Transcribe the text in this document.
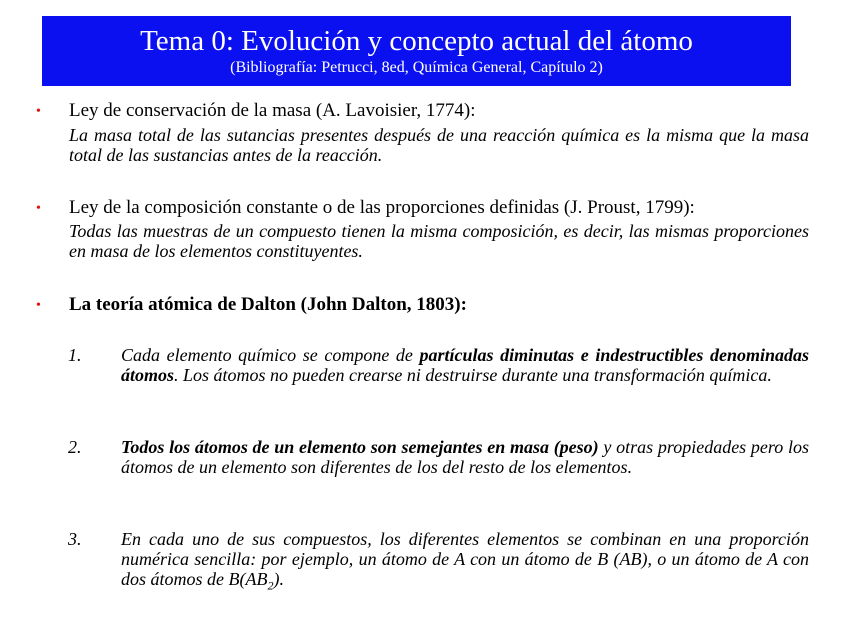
Tema 0: Evolución y concepto actual del átomo
(Bibliografía: Petrucci, 8ed, Química General, Capítulo 2)
• Ley de conservación de la masa (A. Lavoisier, 1774):
La masa total de las sutancias presentes después de una reacción química es la misma que la masa total de las sustancias antes de la reacción.
• Ley de la composición constante o de las proporciones definidas (J. Proust, 1799):
Todas las muestras de un compuesto tienen la misma composición, es decir, las mismas proporciones en masa de los elementos constituyentes.
• La teoría atómica de Dalton (John Dalton, 1803):
1. Cada elemento químico se compone de partículas diminutas e indestructibles denominadas átomos. Los átomos no pueden crearse ni destruirse durante una transformación química.
2. Todos los átomos de un elemento son semejantes en masa (peso) y otras propiedades pero los átomos de un elemento son diferentes de los del resto de los elementos.
3. En cada uno de sus compuestos, los diferentes elementos se combinan en una proporción numérica sencilla: por ejemplo, un átomo de A con un átomo de B (AB), o un átomo de A con dos átomos de $B(AB_2)$.
